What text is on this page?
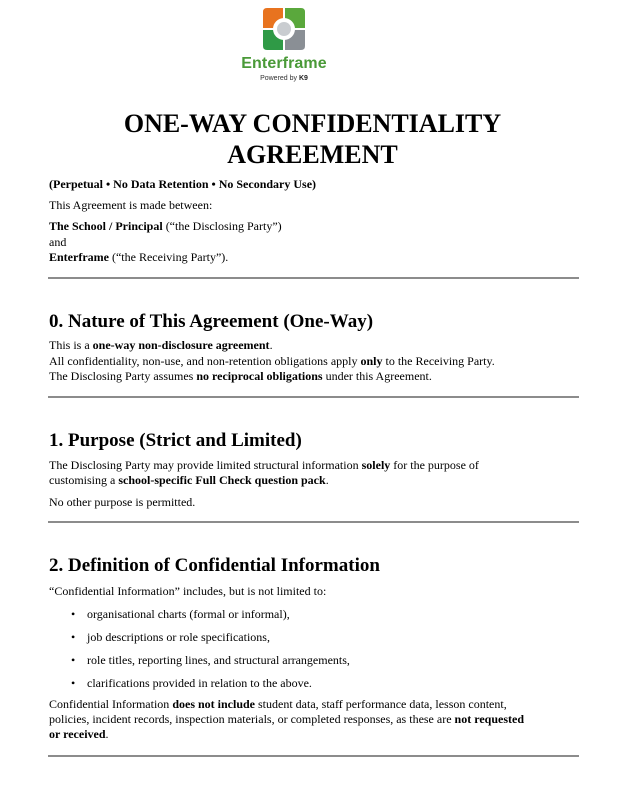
Enterframe
Powered by K9
ONE-WAY CONFIDENTIALITY
AGREEMENT

(Perpetual • No Data Retention • No Secondary Use)

This Agreement is made between:

The School / Principal (“the Disclosing Party”)

and

Enterframe (“the Receiving Party”).

0. Nature of This Agreement (One-Way)

This is a one-way non-disclosure agreement.

All confidentiality, non-use, and non-retention obligations apply only to the Receiving Party.

The Disclosing Party assumes no reciprocal obligations under this Agreement.

1. Purpose (Strict and Limited)

The Disclosing Party may provide limited structural information solely for the purpose of

customising a school-specific Full Check question pack.

No other purpose is permitted.

2. Definition of Confidential Information

“Confidential Information” includes, but is not limited to:

• organisational charts (formal or informal),
• job descriptions or role specifications,
• role titles, reporting lines, and structural arrangements,
• clarifications provided in relation to the above.

Confidential Information does not include student data, staff performance data, lesson content,

policies, incident records, inspection materials, or completed responses, as these are not requested

or received.
